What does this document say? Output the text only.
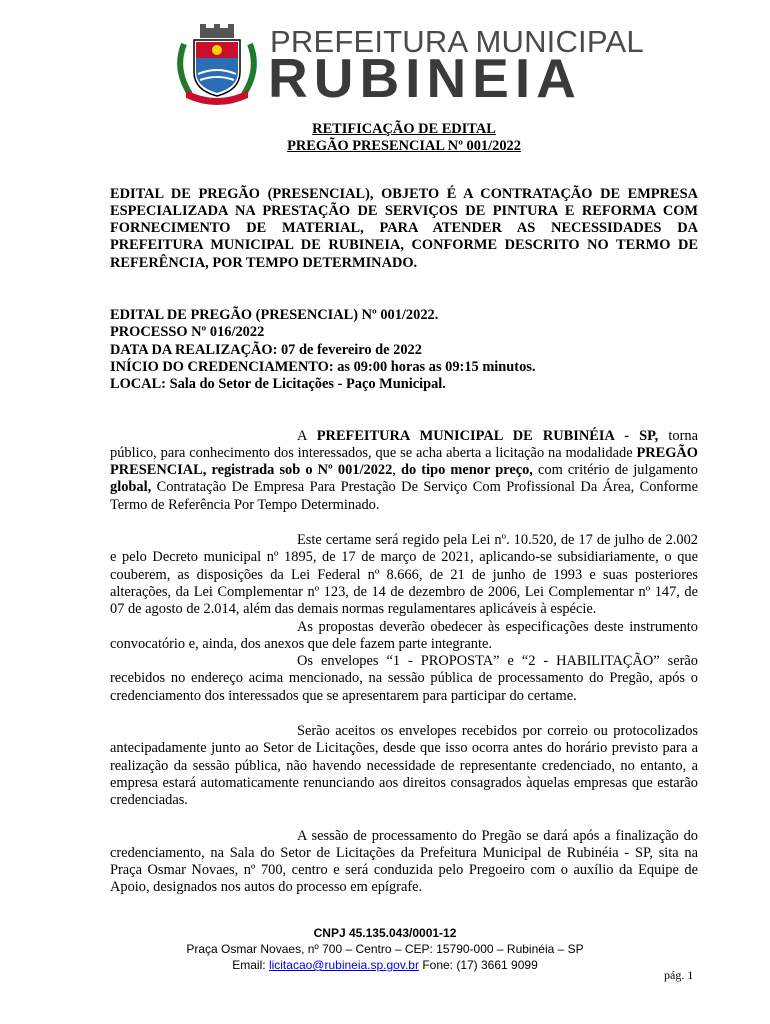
PREFEITURA MUNICIPAL
RUBINEIA
RETIFICAÇÃO DE EDITAL
PREGÃO PRESENCIAL Nº 001/2022

EDITAL DE PREGÃO (PRESENCIAL), OBJETO É A CONTRATAÇÃO DE EMPRESA ESPECIALIZADA NA PRESTAÇÃO DE SERVIÇOS DE PINTURA E REFORMA COM FORNECIMENTO DE MATERIAL, PARA ATENDER AS NECESSIDADES DA PREFEITURA MUNICIPAL DE RUBINEIA, CONFORME DESCRITO NO TERMO DE REFERÊNCIA, POR TEMPO DETERMINADO.

EDITAL DE PREGÃO (PRESENCIAL) Nº 001/2022.
PROCESSO Nº 016/2022
DATA DA REALIZAÇÃO: 07 de fevereiro de 2022
INÍCIO DO CREDENCIAMENTO: as 09:00 horas as 09:15 minutos.
LOCAL: Sala do Setor de Licitações - Paço Municipal.

A PREFEITURA MUNICIPAL DE RUBINÉIA - SP, torna público, para conhecimento dos interessados, que se acha aberta a licitação na modalidade PREGÃO PRESENCIAL, registrada sob o Nº 001/2022, do tipo menor preço, com critério de julgamento global, Contratação De Empresa Para Prestação De Serviço Com Profissional Da Área, Conforme Termo de Referência Por Tempo Determinado.

Este certame será regido pela Lei nº. 10.520, de 17 de julho de 2.002 e pelo Decreto municipal nº 1895, de 17 de março de 2021, aplicando-se subsidiariamente, o que couberem, as disposições da Lei Federal nº 8.666, de 21 de junho de 1993 e suas posteriores alterações, da Lei Complementar nº 123, de 14 de dezembro de 2006, Lei Complementar nº 147, de 07 de agosto de 2.014, além das demais normas regulamentares aplicáveis à espécie.

As propostas deverão obedecer às especificações deste instrumento convocatório e, ainda, dos anexos que dele fazem parte integrante.

Os envelopes “1 - PROPOSTA” e “2 - HABILITAÇÃO” serão recebidos no endereço acima mencionado, na sessão pública de processamento do Pregão, após o credenciamento dos interessados que se apresentarem para participar do certame.

Serão aceitos os envelopes recebidos por correio ou protocolizados antecipadamente junto ao Setor de Licitações, desde que isso ocorra antes do horário previsto para a realização da sessão pública, não havendo necessidade de representante credenciado, no entanto, a empresa estará automaticamente renunciando aos direitos consagrados àquelas empresas que estarão credenciadas.

A sessão de processamento do Pregão se dará após a finalização do credenciamento, na Sala do Setor de Licitações da Prefeitura Municipal de Rubinéia - SP, sita na Praça Osmar Novaes, nº 700, centro e será conduzida pelo Pregoeiro com o auxílio da Equipe de Apoio, designados nos autos do processo em epígrafe.

CNPJ 45.135.043/0001-12
Praça Osmar Novaes, nº 700 – Centro – CEP: 15790-000 – Rubinéia – SP
Email: licitacao@rubineia.sp.gov.br Fone: (17) 3661 9099
pág. 1
